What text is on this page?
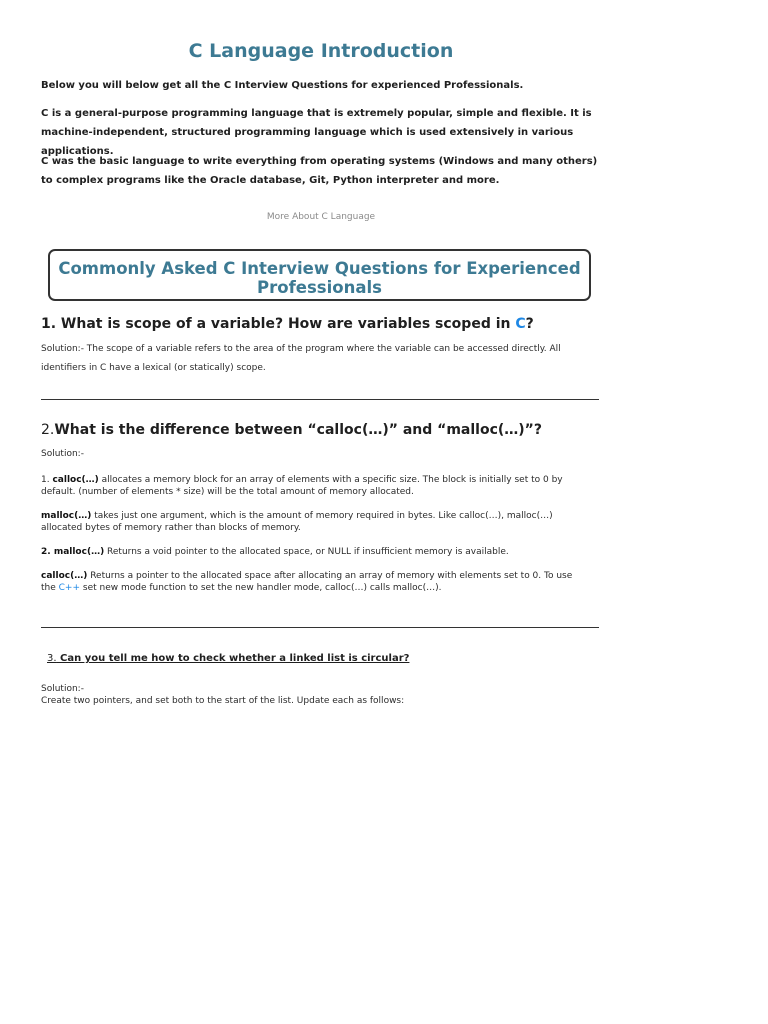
C Language Introduction

Below you will below get all the C Interview Questions for experienced Professionals.

C is a general-purpose programming language that is extremely popular, simple and flexible. It is machine-independent, structured programming language which is used extensively in various applications.

C was the basic language to write everything from operating systems (Windows and many others) to complex programs like the Oracle database, Git, Python interpreter and more.

More About C Language
Commonly Asked C Interview Questions for Experienced Professionals
1. What is scope of a variable? How are variables scoped in C?

Solution:- The scope of a variable refers to the area of the program where the variable can be accessed directly. All identifiers in C have a lexical (or statically) scope.

2.What is the difference between “calloc(…)” and “malloc(…)”?

Solution:-

1. calloc(…) allocates a memory block for an array of elements with a specific size. The block is initially set to 0 by default. (number of elements * size) will be the total amount of memory allocated.

malloc(…) takes just one argument, which is the amount of memory required in bytes. Like calloc(…), malloc(…) allocated bytes of memory rather than blocks of memory.

2. malloc(…) Returns a void pointer to the allocated space, or NULL if insufficient memory is available.

calloc(…) Returns a pointer to the allocated space after allocating an array of memory with elements set to 0. To use the C++ set new mode function to set the new handler mode, calloc(…) calls malloc(…).

3. Can you tell me how to check whether a linked list is circular?

Solution:-

Create two pointers, and set both to the start of the list. Update each as follows:
